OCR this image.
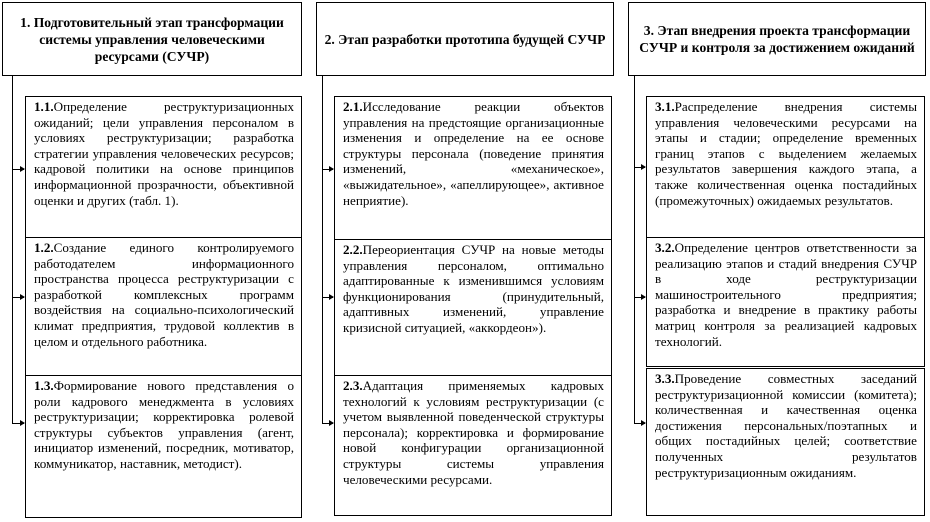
1. Подготовительный этап трансформации системы управления человеческими ресурсами (СУЧР)
1.1.Определение реструктуризационных ожиданий; цели управления персоналом в условиях реструктуризации; разработка стратегии управления человеческих ресурсов; кадровой политики на основе принципов информационной прозрачности, объективной оценки и других (табл. 1).
1.2.Создание единого контролируемого работодателем информационного пространства процесса реструктуризации с разработкой комплексных программ воздействия на социально-психологический климат предприятия, трудовой коллектив в целом и отдельного работника.
1.3.Формирование нового представления о роли кадрового менеджмента в условиях реструктуризации; корректировка ролевой структуры субъектов управления (агент, инициатор изменений, посредник, мотиватор, коммуникатор, наставник, методист).
2. Этап разработки прототипа будущей СУЧР
2.1.Исследование реакции объектов управления на предстоящие организационные изменения и определение на ее основе структуры персонала (поведение принятия изменений, «механическое», «выжидательное», «апеллирующее», активное неприятие).
2.2.Переориентация СУЧР на новые методы управления персоналом, оптимально адаптированные к изменившимся условиям функционирования (принудительный, адаптивных изменений, управление кризисной ситуацией, «аккордеон»).
2.3.Адаптация применяемых кадровых технологий к условиям реструктуризации (с учетом выявленной поведенческой структуры персонала); корректировка и формирование новой конфигурации организационной структуры системы управления человеческими ресурсами.
3. Этап внедрения проекта трансформации СУЧР и контроля за достижением ожиданий
3.1.Распределение внедрения системы управления человеческими ресурсами на этапы и стадии; определение временных границ этапов с выделением желаемых результатов завершения каждого этапа, а также количественная оценка постадийных (промежуточных) ожидаемых результатов.
3.2.Определение центров ответственности за реализацию этапов и стадий внедрения СУЧР в ходе реструктуризации машиностроительного предприятия; разработка и внедрение в практику работы матриц контроля за реализацией кадровых технологий.
3.3.Проведение совместных заседаний реструктуризационной комиссии (комитета); количественная и качественная оценка достижения персональных/поэтапных и общих постадийных целей; соответствие полученных результатов реструктуризационным ожиданиям.
